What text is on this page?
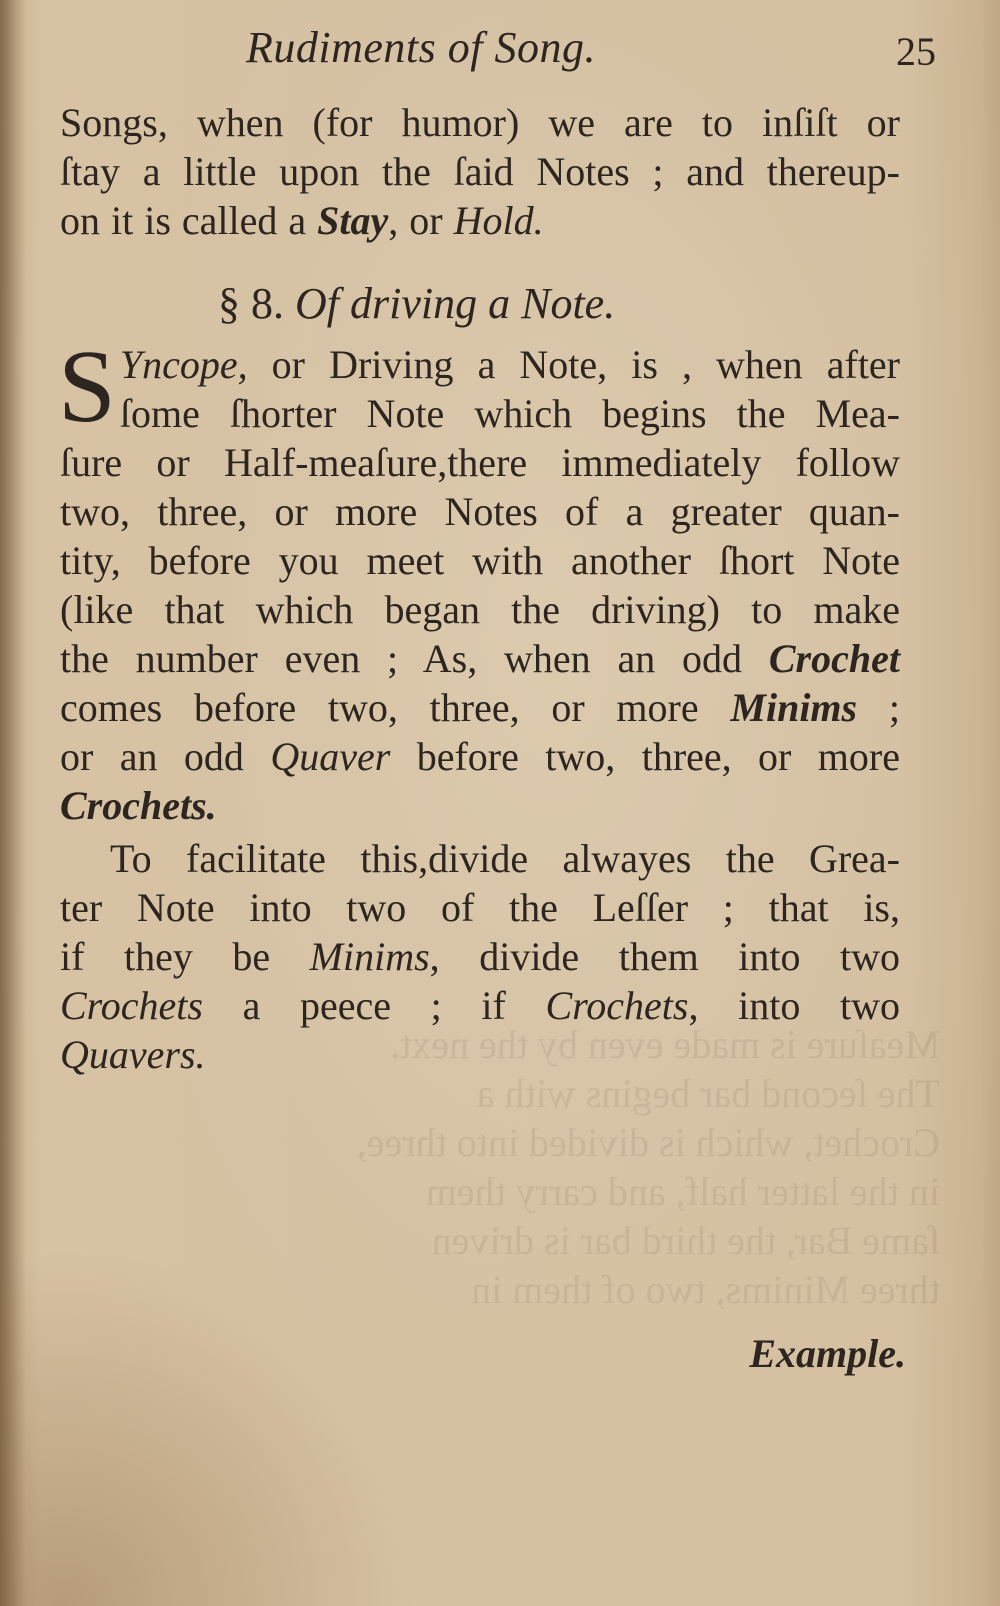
Meaſure is made even by the next.
The ſecond bar begins with a
Crochet, which is divided into three,
in the latter half, and carry them
ſame Bar, the third bar is driven
three Minims, two of them in
Rudiments of Song.	25
Songs, when (for humor) we are to inſiſt or
ſtay a little upon the ſaid Notes ; and thereup-
on it is called a Stay, or Hold.
§ 8. Of driving a Note.
S Yncope, or Driving a Note, is , when after
ſome ſhorter Note which begins the Mea-
ſure or Half-meaſure,there immediately follow
two, three, or more Notes of a greater quan-
tity, before you meet with another ſhort Note
(like that which began the driving) to make
the number even ; As, when an odd Crochet
comes before two, three, or more Minims ;
or an odd Quaver before two, three, or more
Crochets.
To facilitate this,divide alwayes the Grea-
ter Note into two of the Leſſer ; that is,
if they be Minims, divide them into two
Crochets a peece ; if Crochets, into two
Quavers.
Example.
